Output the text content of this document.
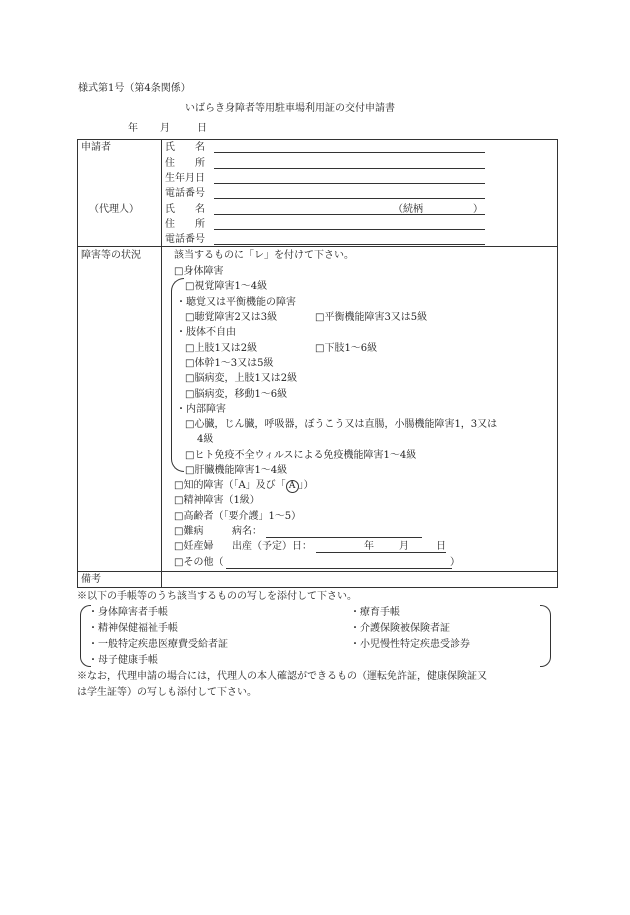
様式第1号（第4条関係）
いばらき身障者等用駐車場利用証の交付申請書
年 月	日
申請者	氏　　名
住　　所
生年月日
電話番号
（代理人）	氏　　名	（続柄　　　　　）
住　　所
電話番号
障害等の状況	該当するものに「レ」を付けて下さい。
□身体障害
□視覚障害1～4級
・聴覚又は平衡機能の障害
□聴覚障害2又は3級	□平衡機能障害3又は5級
・肢体不自由
□上肢1又は2級	□下肢1～6級
□体幹1～3又は5級
□脳病変，上肢1又は2級
□脳病変，移動1～6級
・内部障害
□心臓，じん臓，呼吸器，ぼうこう又は直腸，小腸機能障害1，3又は
4級
□ヒト免疫不全ウィルスによる免疫機能障害1～4級
□肝臓機能障害1～4級
□知的障害（「A」及び「 A 」）
□精神障害（1級）
□高齢者（「要介護」1～5）
□難病	病名：
□妊産婦 出産（予定）日：	年	月	日
□その他（	）
備考
※以下の手帳等のうち該当するものの写しを添付して下さい。
・身体障害者手帳
・精神保健福祉手帳
・一般特定疾患医療費受給者証
・母子健康手帳
・療育手帳
・介護保険被保険者証
・小児慢性特定疾患受診券
※なお，代理申請の場合には，代理人の本人確認ができるもの（運転免許証，健康保険証又
は学生証等）の写しも添付して下さい。
